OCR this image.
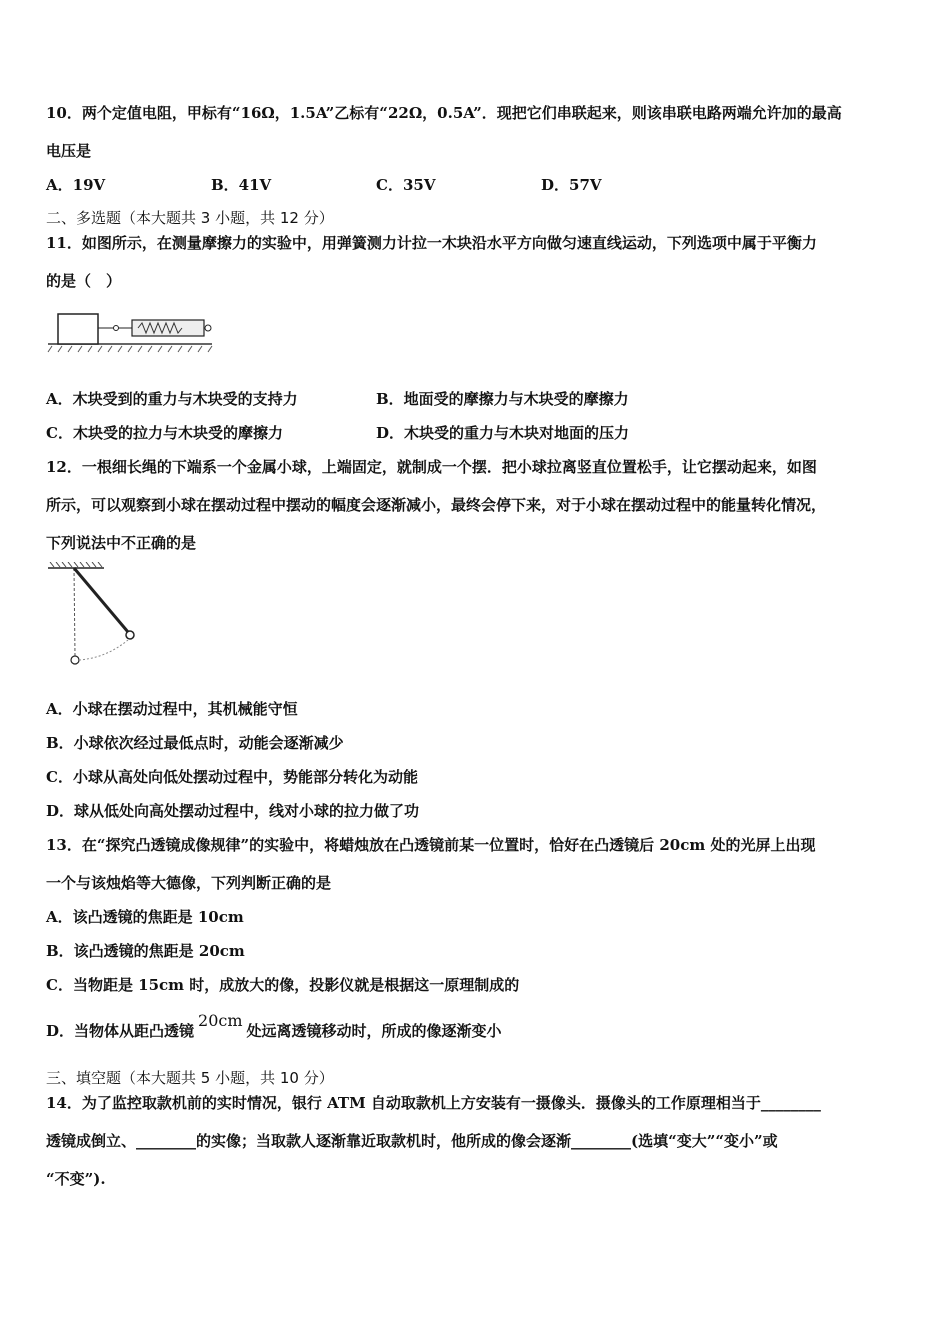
10．两个定值电阻，甲标有“16Ω，1.5A”乙标有“22Ω，0.5A”．现把它们串联起来，则该串联电路两端允许加的最高
电压是
A．19V	B．41V	C．35V	D．57V
二、多选题（本大题共 3 小题，共 12 分）
11．如图所示，在测量摩擦力的实验中，用弹簧测力计拉一木块沿水平方向做匀速直线运动，下列选项中属于平衡力
的是（　）
A．木块受到的重力与木块受的支持力	B．地面受的摩擦力与木块受的摩擦力
C．木块受的拉力与木块受的摩擦力	D．木块受的重力与木块对地面的压力
12．一根细长绳的下端系一个金属小球，上端固定，就制成一个摆．把小球拉离竖直位置松手，让它摆动起来，如图
所示，可以观察到小球在摆动过程中摆动的幅度会逐渐减小，最终会停下来，对于小球在摆动过程中的能量转化情况，
下列说法中不正确的是
A．小球在摆动过程中，其机械能守恒
B．小球依次经过最低点时，动能会逐渐减少
C．小球从高处向低处摆动过程中，势能部分转化为动能
D．球从低处向高处摆动过程中，线对小球的拉力做了功
13．在“探究凸透镜成像规律”的实验中，将蜡烛放在凸透镜前某一位置时，恰好在凸透镜后 20cm 处的光屏上出现
一个与该烛焰等大德像，下列判断正确的是
A．该凸透镜的焦距是 10cm
B．该凸透镜的焦距是 20cm
C．当物距是 15cm 时，成放大的像，投影仪就是根据这一原理制成的
D．当物体从距凸透镜20cm处远离透镜移动时，所成的像逐渐变小
三、填空题（本大题共 5 小题，共 10 分）
14．为了监控取款机前的实时情况，银行 ATM 自动取款机上方安装有一摄像头．摄像头的工作原理相当于________
透镜成倒立、________的实像；当取款人逐渐靠近取款机时，他所成的像会逐渐________(选填“变大”“变小”或
“不变”).
